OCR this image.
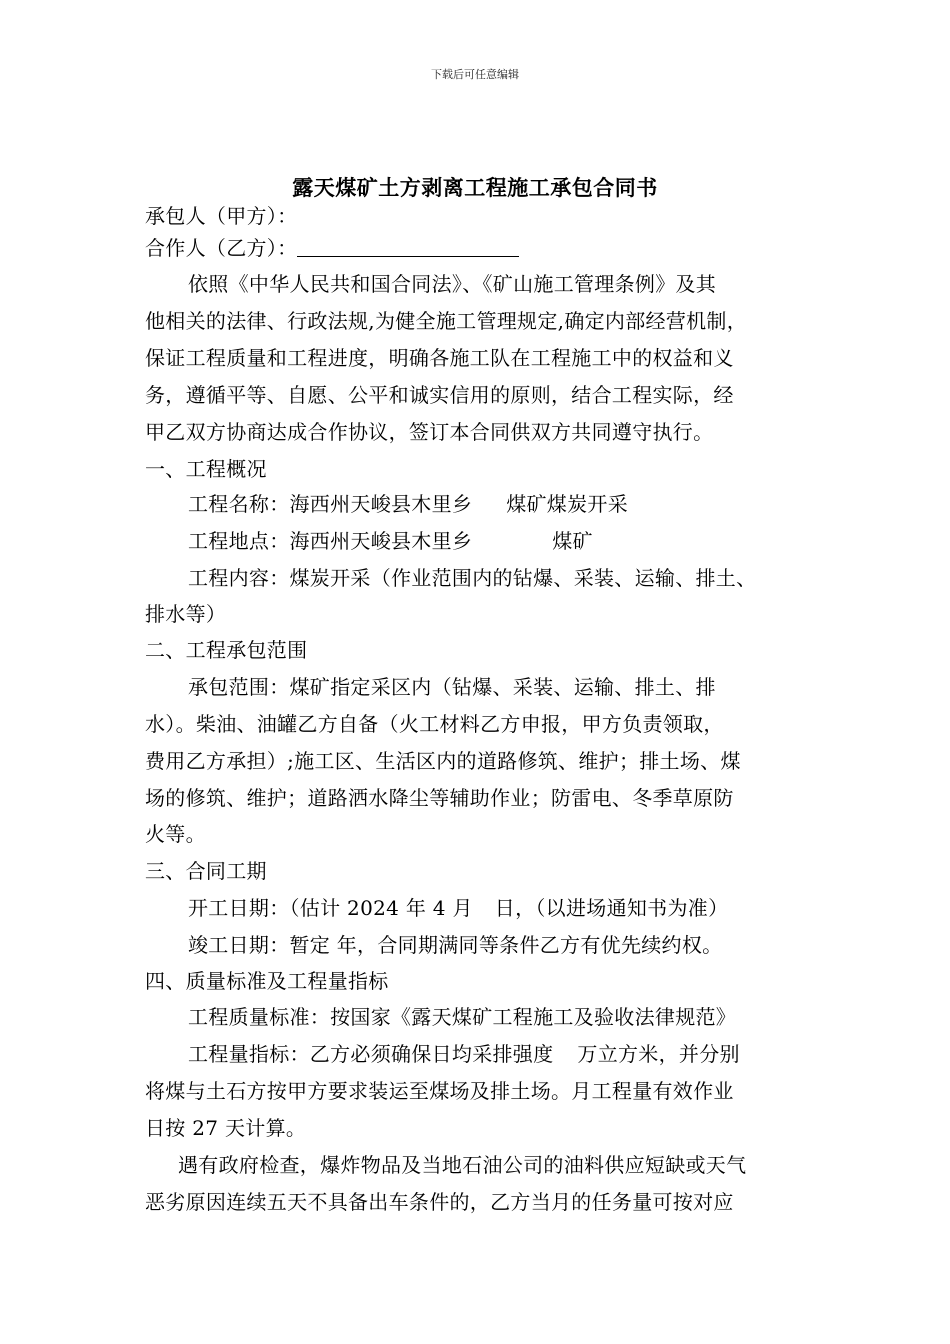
下载后可任意编辑
露天煤矿土方剥离工程施工承包合同书
承包人（甲方）：
合作人（乙方）：
依照《中华人民共和国合同法》、《矿山施工管理条例》及其
他相关的法律、行政法规,为健全施工管理规定,确定内部经营机制，
保证工程质量和工程进度，明确各施工队在工程施工中的权益和义
务，遵循平等、自愿、公平和诚实信用的原则，结合工程实际，经
甲乙双方协商达成合作协议，签订本合同供双方共同遵守执行。
一、工程概况
工程名称：海西州天峻县木里乡 煤矿煤炭开采
工程地点：海西州天峻县木里乡	煤矿
工程内容：煤炭开采（作业范围内的钻爆、采装、运输、排土、
排水等）
二、工程承包范围
承包范围：煤矿指定采区内（钻爆、采装、运输、排土、排
水）。柴油、油罐乙方自备（火工材料乙方申报，甲方负责领取，
费用乙方承担）;施工区、生活区内的道路修筑、维护；排土场、煤
场的修筑、维护；道路洒水降尘等辅助作业；防雷电、冬季草原防
火等。
三、合同工期
开工日期：（估计 2024 年 4 月 日，（以进场通知书为准）
竣工日期：暂定 年，合同期满同等条件乙方有优先续约权。
四、质量标准及工程量指标
工程质量标准：按国家《露天煤矿工程施工及验收法律规范》
工程量指标：乙方必须确保日均采排强度 万立方米，并分别
将煤与土石方按甲方要求装运至煤场及排土场。月工程量有效作业
日按 27 天计算。
遇有政府检查，爆炸物品及当地石油公司的油料供应短缺或天气
恶劣原因连续五天不具备出车条件的，乙方当月的任务量可按对应
